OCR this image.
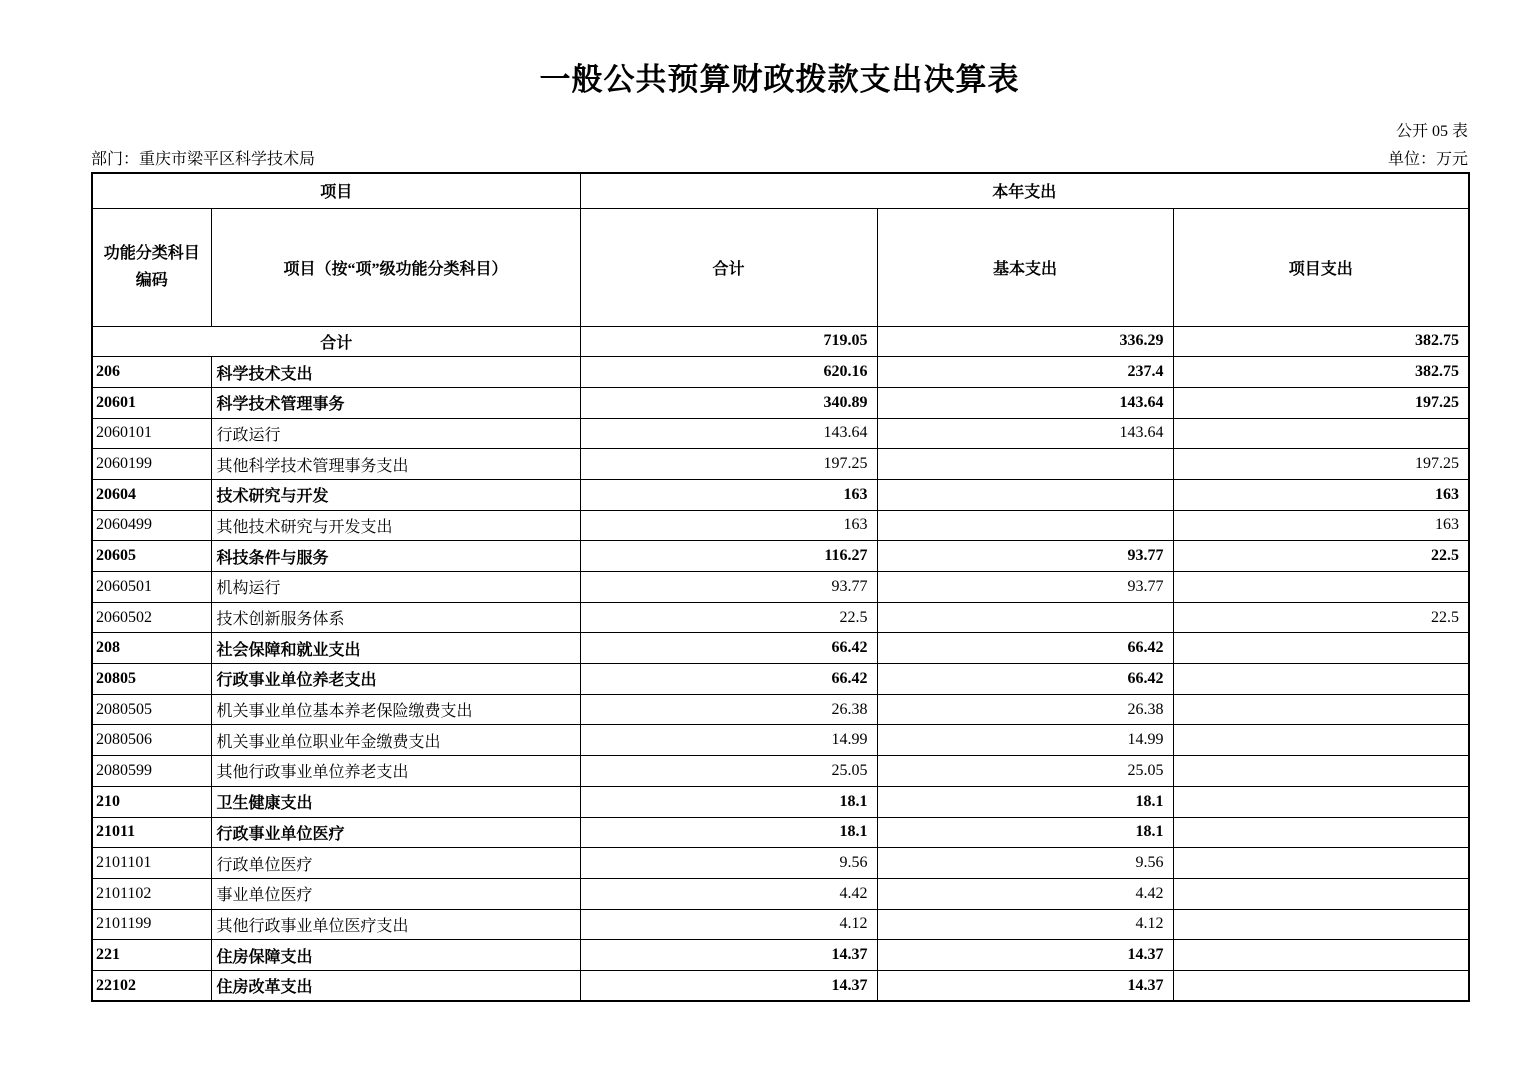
一般公共预算财政拨款支出决算表
公开 05 表
部门：重庆市梁平区科学技术局	单位：万元
项目		本年支出		

功能分类科目编码	项目（按“项”级功能分类科目）	合计	基本支出	项目支出
合计		719.05	336.29	382.75
206	科学技术支出	620.16	237.4	382.75
20601	科学技术管理事务	340.89	143.64	197.25
2060101	行政运行	143.64	143.64	
2060199	其他科学技术管理事务支出	197.25		197.25
20604	技术研究与开发	163		163
2060499	其他技术研究与开发支出	163		163
20605	科技条件与服务	116.27	93.77	22.5
2060501	机构运行	93.77	93.77	
2060502	技术创新服务体系	22.5		22.5
208	社会保障和就业支出	66.42	66.42	
20805	行政事业单位养老支出	66.42	66.42	
2080505	机关事业单位基本养老保险缴费支出	26.38	26.38	
2080506	机关事业单位职业年金缴费支出	14.99	14.99	
2080599	其他行政事业单位养老支出	25.05	25.05	
210	卫生健康支出	18.1	18.1	
21011	行政事业单位医疗	18.1	18.1	
2101101	行政单位医疗	9.56	9.56	
2101102	事业单位医疗	4.42	4.42	
2101199	其他行政事业单位医疗支出	4.12	4.12	
221	住房保障支出	14.37	14.37	
22102	住房改革支出	14.37	14.37	
